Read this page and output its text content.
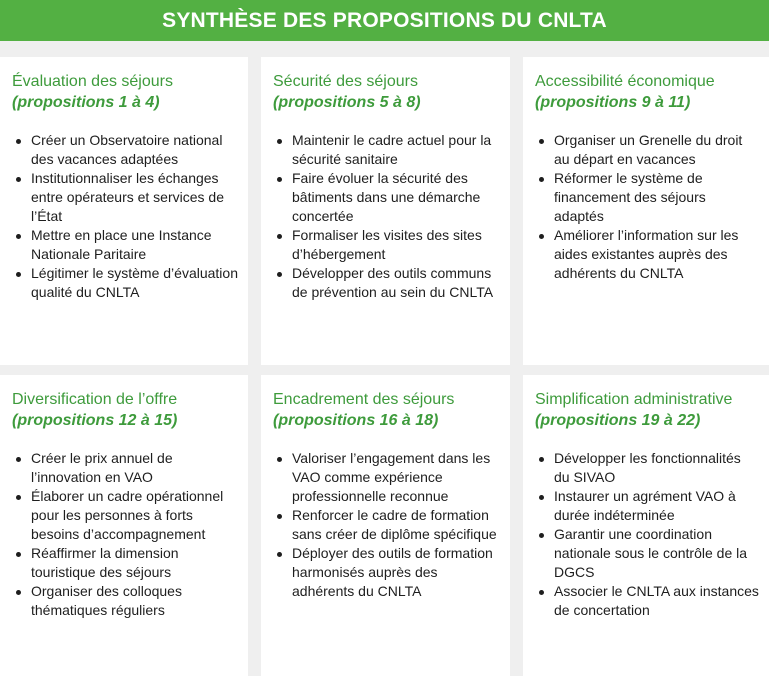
SYNTHÈSE DES PROPOSITIONS DU CNLTA
Évaluation des séjours
(propositions 1 à 4)
Créer un Observatoire national des vacances adaptées
Institutionnaliser les échanges entre opérateurs et services de l’État
Mettre en place une Instance Nationale Paritaire
Légitimer le système d’évaluation qualité du CNLTA
Sécurité des séjours
(propositions 5 à 8)
Maintenir le cadre actuel pour la sécurité sanitaire
Faire évoluer la sécurité des bâtiments dans une démarche concertée
Formaliser les visites des sites d’hébergement
Développer des outils communs de prévention au sein du CNLTA
Accessibilité économique
(propositions 9 à 11)
Organiser un Grenelle du droit au départ en vacances
Réformer le système de financement des séjours adaptés
Améliorer l’information sur les aides existantes auprès des adhérents du CNLTA
Diversification de l’offre
(propositions 12 à 15)
Créer le prix annuel de l’innovation en VAO
Élaborer un cadre opérationnel pour les personnes à forts besoins d’accompagnement
Réaffirmer la dimension touristique des séjours
Organiser des colloques thématiques réguliers
Encadrement des séjours
(propositions 16 à 18)
Valoriser l’engagement dans les VAO comme expérience professionnelle reconnue
Renforcer le cadre de formation sans créer de diplôme spécifique
Déployer des outils de formation harmonisés auprès des adhérents du CNLTA
Simplification administrative
(propositions 19 à 22)
Développer les fonctionnalités du SIVAO
Instaurer un agrément VAO à durée indéterminée
Garantir une coordination nationale sous le contrôle de la DGCS
Associer le CNLTA aux instances de concertation
